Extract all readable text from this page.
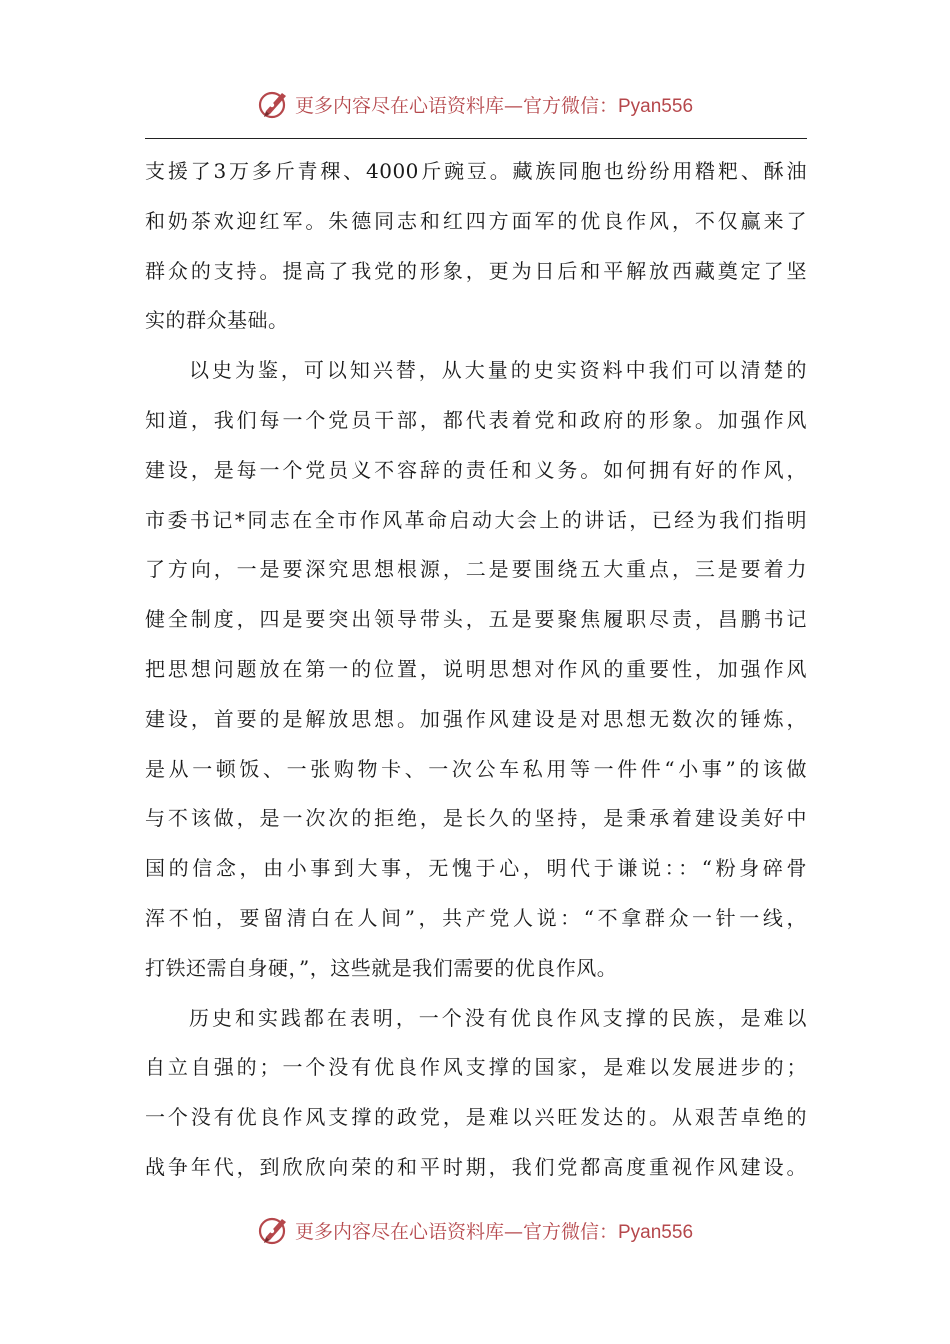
更多内容尽在心语资料库—官方微信：Pyan556
支援了3万多斤青稞、4000斤豌豆。藏族同胞也纷纷用糌粑、酥油
和奶茶欢迎红军。朱德同志和红四方面军的优良作风，不仅赢来了
群众的支持。提高了我党的形象，更为日后和平解放西藏奠定了坚
实的群众基础。
以史为鉴，可以知兴替，从大量的史实资料中我们可以清楚的
知道，我们每一个党员干部，都代表着党和政府的形象。加强作风
建设，是每一个党员义不容辞的责任和义务。如何拥有好的作风，
市委书记*同志在全市作风革命启动大会上的讲话，已经为我们指明
了方向，一是要深究思想根源，二是要围绕五大重点，三是要着力
健全制度，四是要突出领导带头，五是要聚焦履职尽责，昌鹏书记
把思想问题放在第一的位置，说明思想对作风的重要性，加强作风
建设，首要的是解放思想。加强作风建设是对思想无数次的锤炼，
是从一顿饭、一张购物卡、一次公车私用等一件件“小事”的该做
与不该做，是一次次的拒绝，是长久的坚持，是秉承着建设美好中
国的信念，由小事到大事，无愧于心，明代于谦说：：“粉身碎骨
浑不怕，要留清白在人间”，共产党人说：“不拿群众一针一线，
打铁还需自身硬，”，这些就是我们需要的优良作风。
历史和实践都在表明，一个没有优良作风支撑的民族，是难以
自立自强的；一个没有优良作风支撑的国家，是难以发展进步的；
一个没有优良作风支撑的政党，是难以兴旺发达的。从艰苦卓绝的
战争年代，到欣欣向荣的和平时期，我们党都高度重视作风建设。
更多内容尽在心语资料库—官方微信：Pyan556
